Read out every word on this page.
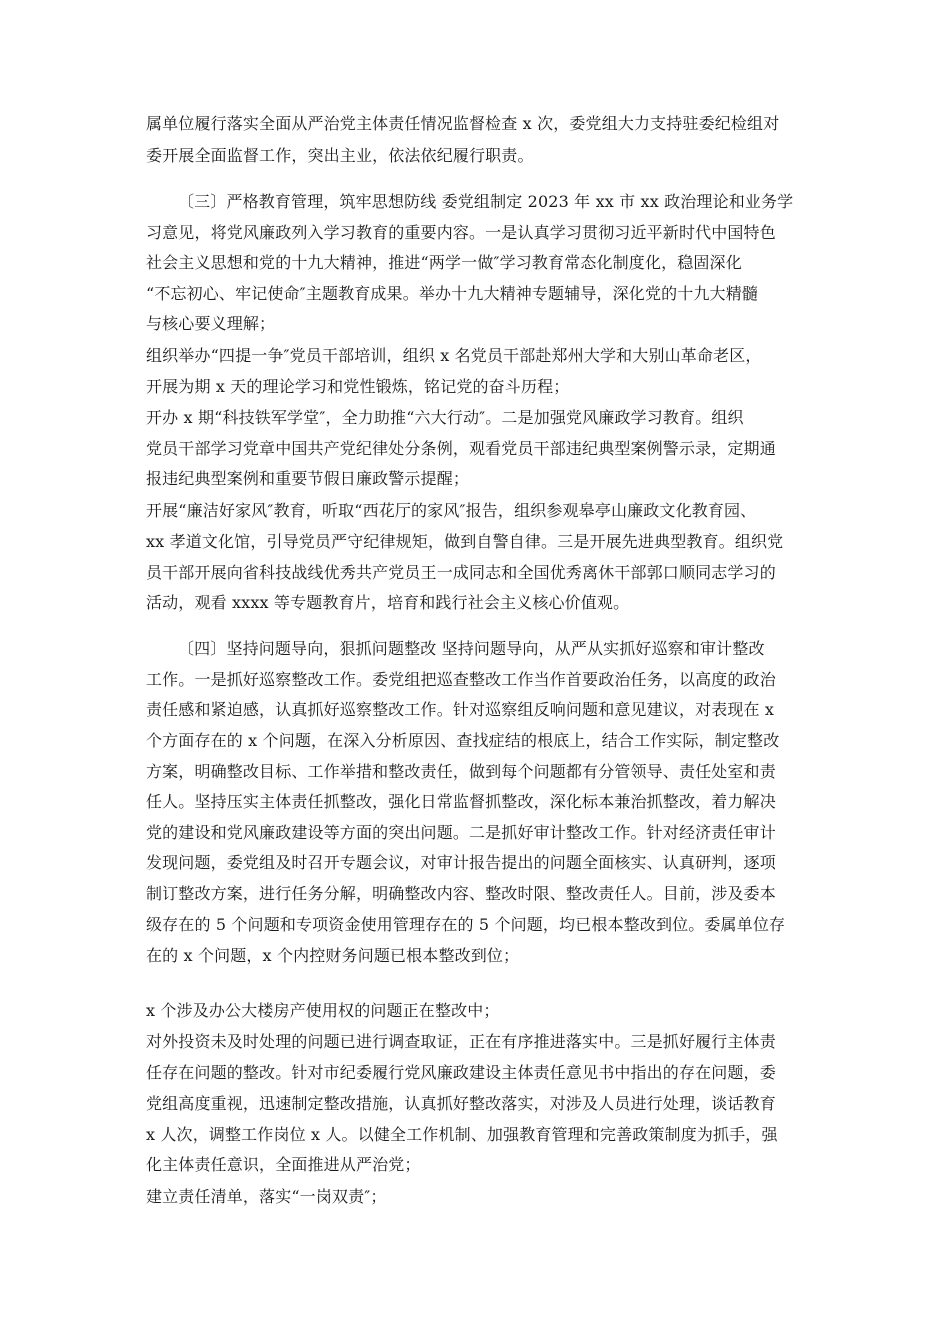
属单位履行落实全面从严治党主体责任情况监督检查 x 次，委党组大力支持驻委纪检组对

委开展全面监督工作，突出主业，依法依纪履行职责。

〔三〕严格教育管理，筑牢思想防线 委党组制定 2023 年 xx 市 xx 政治理论和业务学

习意见，将党风廉政列入学习教育的重要内容。一是认真学习贯彻习近平新时代中国特色

社会主义思想和党的十九大精神，推进“两学一做″学习教育常态化制度化，稳固深化

“不忘初心、牢记使命″主题教育成果。举办十九大精神专题辅导，深化党的十九大精髓

与核心要义理解；

组织举办“四提一争″党员干部培训，组织 x 名党员干部赴郑州大学和大别山革命老区，

开展为期 x 天的理论学习和党性锻炼，铭记党的奋斗历程；

开办 x 期“科技铁军学堂″，全力助推“六大行动″。二是加强党风廉政学习教育。组织

党员干部学习党章中国共产党纪律处分条例，观看党员干部违纪典型案例警示录，定期通

报违纪典型案例和重要节假日廉政警示提醒；

开展“廉洁好家风″教育，听取“西花厅的家风″报告，组织参观皋亭山廉政文化教育园、

xx 孝道文化馆，引导党员严守纪律规矩，做到自警自律。三是开展先进典型教育。组织党

员干部开展向省科技战线优秀共产党员王一成同志和全国优秀离休干部郭口顺同志学习的

活动，观看 xxxx 等专题教育片，培育和践行社会主义核心价值观。

〔四〕坚持问题导向，狠抓问题整改 坚持问题导向，从严从实抓好巡察和审计整改

工作。一是抓好巡察整改工作。委党组把巡查整改工作当作首要政治任务，以高度的政治

责任感和紧迫感，认真抓好巡察整改工作。针对巡察组反响问题和意见建议，对表现在 x

个方面存在的 x 个问题，在深入分析原因、查找症结的根底上，结合工作实际，制定整改

方案，明确整改目标、工作举措和整改责任，做到每个问题都有分管领导、责任处室和责

任人。坚持压实主体责任抓整改，强化日常监督抓整改，深化标本兼治抓整改，着力解决

党的建设和党风廉政建设等方面的突出问题。二是抓好审计整改工作。针对经济责任审计

发现问题，委党组及时召开专题会议，对审计报告提出的问题全面核实、认真研判，逐项

制订整改方案，进行任务分解，明确整改内容、整改时限、整改责任人。目前，涉及委本

级存在的 5 个问题和专项资金使用管理存在的 5 个问题，均已根本整改到位。委属单位存

在的 x 个问题，x 个内控财务问题已根本整改到位；

x 个涉及办公大楼房产使用权的问题正在整改中；

对外投资未及时处理的问题已进行调查取证，正在有序推进落实中。三是抓好履行主体责

任存在问题的整改。针对市纪委履行党风廉政建设主体责任意见书中指出的存在问题，委

党组高度重视，迅速制定整改措施，认真抓好整改落实，对涉及人员进行处理，谈话教育

x 人次，调整工作岗位 x 人。以健全工作机制、加强教育管理和完善政策制度为抓手，强

化主体责任意识，全面推进从严治党；

建立责任清单，落实“一岗双责″；
